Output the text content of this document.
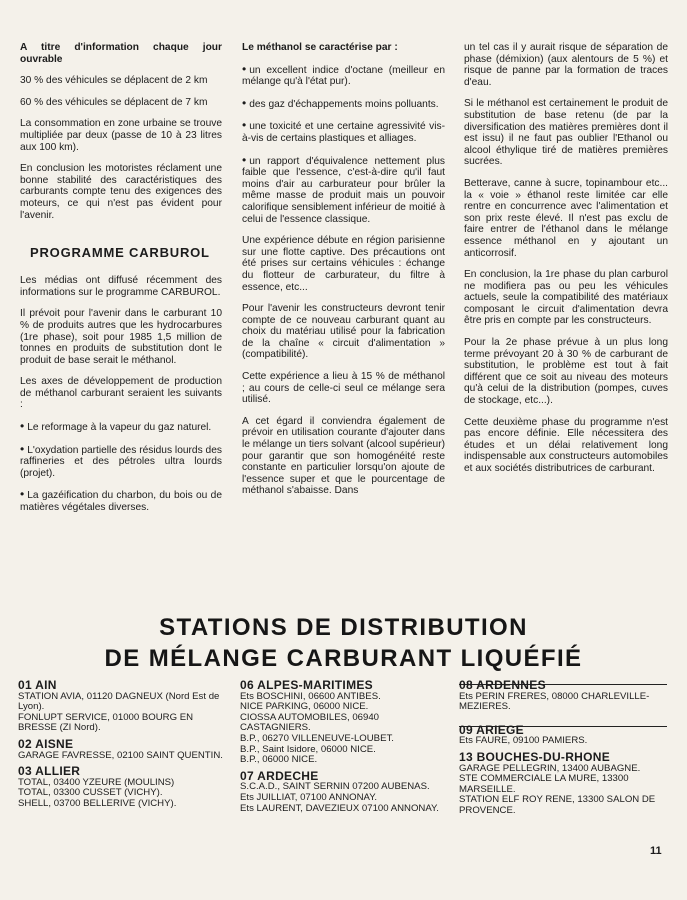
A titre d'information chaque jour ouvrable

30 % des véhicules se déplacent de 2 km

60 % des véhicules se déplacent de 7 km

La consommation en zone urbaine se trouve multipliée par deux (passe de 10 à 23 litres aux 100 km).

En conclusion les motoristes réclament une bonne stabilité des caractéristiques des carburants compte tenu des exigences des moteurs, ce qui n'est pas évident pour l'avenir.

PROGRAMME CARBUROL

Les médias ont diffusé récemment des informations sur le programme CARBUROL.

Il prévoit pour l'avenir dans le carburant 10 % de produits autres que les hydrocarbures (1re phase), soit pour 1985 1,5 million de tonnes en produits de substitution dont le produit de base serait le méthanol.

Les axes de développement de production de méthanol carburant seraient les suivants :

• Le reformage à la vapeur du gaz naturel.

• L'oxydation partielle des résidus lourds des raffineries et des pétroles ultra lourds (projet).

• La gazéification du charbon, du bois ou de matières végétales diverses.

Le méthanol se caractérise par :

• un excellent indice d'octane (meilleur en mélange qu'à l'état pur).

• des gaz d'échappements moins polluants.

• une toxicité et une certaine agressivité vis-à-vis de certains plastiques et alliages.

• un rapport d'équivalence nettement plus faible que l'essence, c'est-à-dire qu'il faut moins d'air au carburateur pour brûler la même masse de produit mais un pouvoir calorifique sensiblement inférieur de moitié à celui de l'essence classique.

Une expérience débute en région parisienne sur une flotte captive. Des précautions ont été prises sur certains véhicules : échange du flotteur de carburateur, du filtre à essence, etc...

Pour l'avenir les constructeurs devront tenir compte de ce nouveau carburant quant au choix du matériau utilisé pour la fabrication de la chaîne « circuit d'alimentation » (compatibilité).

Cette expérience a lieu à 15 % de méthanol ; au cours de celle-ci seul ce mélange sera utilisé.

A cet égard il conviendra également de prévoir en utilisation courante d'ajouter dans le mélange un tiers solvant (alcool supérieur) pour garantir que son homogénéité reste constante en particulier lorsqu'on ajoute de l'essence super et que le pourcentage de méthanol s'abaisse. Dans

un tel cas il y aurait risque de séparation de phase (démixion) (aux alentours de 5 %) et risque de panne par la formation de traces d'eau.

Si le méthanol est certainement le produit de substitution de base retenu (de par la diversification des matières premières dont il est issu) il ne faut pas oublier l'Ethanol ou alcool éthylique tiré de matières premières sucrées.

Betterave, canne à sucre, topinambour etc... la « voie » éthanol reste limitée car elle rentre en concurrence avec l'alimentation et son prix reste élevé. Il n'est pas exclu de faire entrer de l'éthanol dans le mélange essence méthanol en y ajoutant un anticorrosif.

En conclusion, la 1re phase du plan carburol ne modifiera pas ou peu les véhicules actuels, seule la compatibilité des matériaux composant le circuit d'alimentation devra être pris en compte par les constructeurs.

Pour la 2e phase prévue à un plus long terme prévoyant 20 à 30 % de carburant de substitution, le problème est tout à fait différent que ce soit au niveau des moteurs qu'à celui de la distribution (pompes, cuves de stockage, etc...).

Cette deuxième phase du programme n'est pas encore définie. Elle nécessitera des études et un délai relativement long indispensable aux constructeurs automobiles et aux sociétés distributrices de carburant.

STATIONS DE DISTRIBUTION
DE MÉLANGE CARBURANT LIQUÉFIÉ
01 AIN

STATION AVIA, 01120 DAGNEUX (Nord Est de Lyon).

FONLUPT SERVICE, 01000 BOURG EN BRESSE (ZI Nord).

02 AISNE

GARAGE FAVRESSE, 02100 SAINT QUENTIN.

03 ALLIER

TOTAL, 03400 YZEURE (MOULINS)

TOTAL, 03300 CUSSET (VICHY).

SHELL, 03700 BELLERIVE (VICHY).

06 ALPES-MARITIMES

Ets BOSCHINI, 06600 ANTIBES.

NICE PARKING, 06000 NICE.

CIOSSA AUTOMOBILES, 06940 CASTAGNIERS.

B.P., 06270 VILLENEUVE-LOUBET.

B.P., Saint Isidore, 06000 NICE.

B.P., 06000 NICE.

07 ARDECHE

S.C.A.D., SAINT SERNIN 07200 AUBENAS.

Ets JUILLIAT, 07100 ANNONAY.

Ets LAURENT, DAVEZIEUX 07100 ANNONAY.

08 ARDENNES

Ets PERIN FRERES, 08000 CHARLEVILLE-MEZIERES.

09 ARIEGE

Ets FAURE, 09100 PAMIERS.

13 BOUCHES-DU-RHONE

GARAGE PELLEGRIN, 13400 AUBAGNE.

STE COMMERCIALE LA MURE, 13300 MARSEILLE.

STATION ELF ROY RENE, 13300 SALON DE PROVENCE.

11
